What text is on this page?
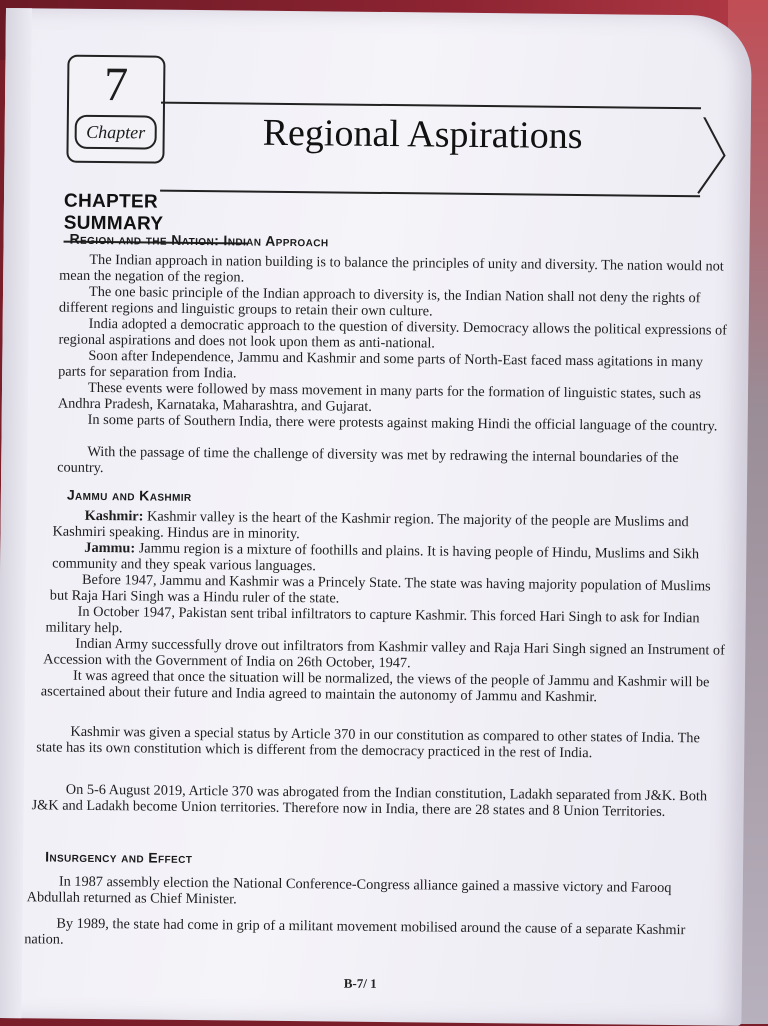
7
Chapter	Regional Aspirations
CHAPTER SUMMARY
Region and the Nation: Indian Approach
The Indian approach in nation building is to balance the principles of unity and diversity. The nation would not mean the negation of the region.
The one basic principle of the Indian approach to diversity is, the Indian Nation shall not deny the rights of different regions and linguistic groups to retain their own culture.
India adopted a democratic approach to the question of diversity. Democracy allows the political expressions of regional aspirations and does not look upon them as anti-national.
Soon after Independence, Jammu and Kashmir and some parts of North-East faced mass agitations in many parts for separation from India.
These events were followed by mass movement in many parts for the formation of linguistic states, such as Andhra Pradesh, Karnataka, Maharashtra, and Gujarat.
In some parts of Southern India, there were protests against making Hindi the official language of the country.
With the passage of time the challenge of diversity was met by redrawing the internal boundaries of the country.
Jammu and Kashmir
Kashmir: Kashmir valley is the heart of the Kashmir region. The majority of the people are Muslims and Kashmiri speaking. Hindus are in minority.
Jammu: Jammu region is a mixture of foothills and plains. It is having people of Hindu, Muslims and Sikh community and they speak various languages.
Before 1947, Jammu and Kashmir was a Princely State. The state was having majority population of Muslims but Raja Hari Singh was a Hindu ruler of the state.
In October 1947, Pakistan sent tribal infiltrators to capture Kashmir. This forced Hari Singh to ask for Indian military help.
Indian Army successfully drove out infiltrators from Kashmir valley and Raja Hari Singh signed an Instrument of Accession with the Government of India on 26th October, 1947.
It was agreed that once the situation will be normalized, the views of the people of Jammu and Kashmir will be ascertained about their future and India agreed to maintain the autonomy of Jammu and Kashmir.
Kashmir was given a special status by Article 370 in our constitution as compared to other states of India. The state has its own constitution which is different from the democracy practiced in the rest of India.
On 5-6 August 2019, Article 370 was abrogated from the Indian constitution, Ladakh separated from J&K. Both J&K and Ladakh become Union territories. Therefore now in India, there are 28 states and 8 Union Territories.
Insurgency and Effect
In 1987 assembly election the National Conference-Congress alliance gained a massive victory and Farooq Abdullah returned as Chief Minister.
By 1989, the state had come in grip of a militant movement mobilised around the cause of a separate Kashmir nation.
B-7/ 1
